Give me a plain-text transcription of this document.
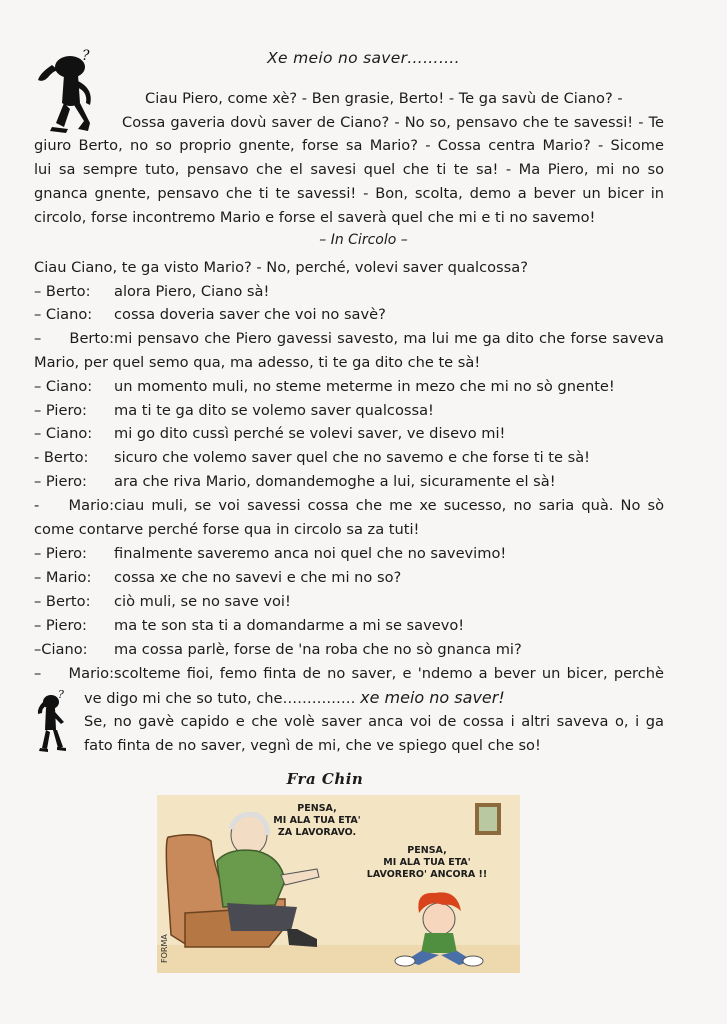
?	Xe meio no saver……….
Ciau Piero, come xè? - Ben grasie, Berto! - Te ga savù de Ciano? -
Cossa gaveria dovù saver de Ciano? - No so, pensavo che te savessi! - Te
giuro Berto, no so proprio gnente, forse sa Mario? - Cossa centra Mario? - Sicome
lui sa sempre tuto, pensavo che el savesi quel che ti te sa! - Ma Piero, mi no so
gnanca gnente, pensavo che ti te savessi! - Bon, scolta, demo a bever un bicer in
circolo, forse incontremo Mario e forse el saverà quel che mi e ti no savemo!
– In Circolo –
Ciau Ciano, te ga visto Mario? - No, perché, volevi saver qualcossa?
– Berto: alora Piero, Ciano sà!
– Ciano: cossa doveria saver che voi no savè?
– Berto:mi pensavo che Piero gavessi savesto, ma lui me ga dito che forse saveva
Mario, per quel semo qua, ma adesso, ti te ga dito che te sà!
– Ciano: un momento muli, no steme meterme in mezo che mi no sò gnente!
– Piero: ma ti te ga dito se volemo saver qualcossa!
– Ciano: mi go dito cussì perché se volevi saver, ve disevo mi!
- Berto: sicuro che volemo saver quel che no savemo e che forse ti te sà!
– Piero: ara che riva Mario, domandemoghe a lui, sicuramente el sà!
- Mario:ciau muli, se voi savessi cossa che me xe sucesso, no saria quà. No sò
come contarve perché forse qua in circolo sa za tuti!
– Piero: finalmente saveremo anca noi quel che no savevimo!
– Mario: cossa xe che no savevi e che mi no so?
– Berto: ciò muli, se no save voi!
– Piero: ma te son sta ti a domandarme a mi se savevo!
–Ciano: ma cossa parlè, forse de 'na roba che no sò gnanca mi?
– Mario:scolteme fioi, femo finta de no saver, e 'ndemo a bever un bicer, perchè
? ve digo mi che so tuto, che…………… xe meio no saver!
Se, no gavè capido e che volè saver anca voi de cossa i altri saveva o, i ga
fato finta de no saver, vegnì de mi, che ve spiego quel che so!
Fra Chin
PENSA,
MI ALA TUA ETA'
ZA LAVORAVO.
PENSA,
MI ALA TUA ETA'
LAVORERO' ANCORA !!
FORMA
